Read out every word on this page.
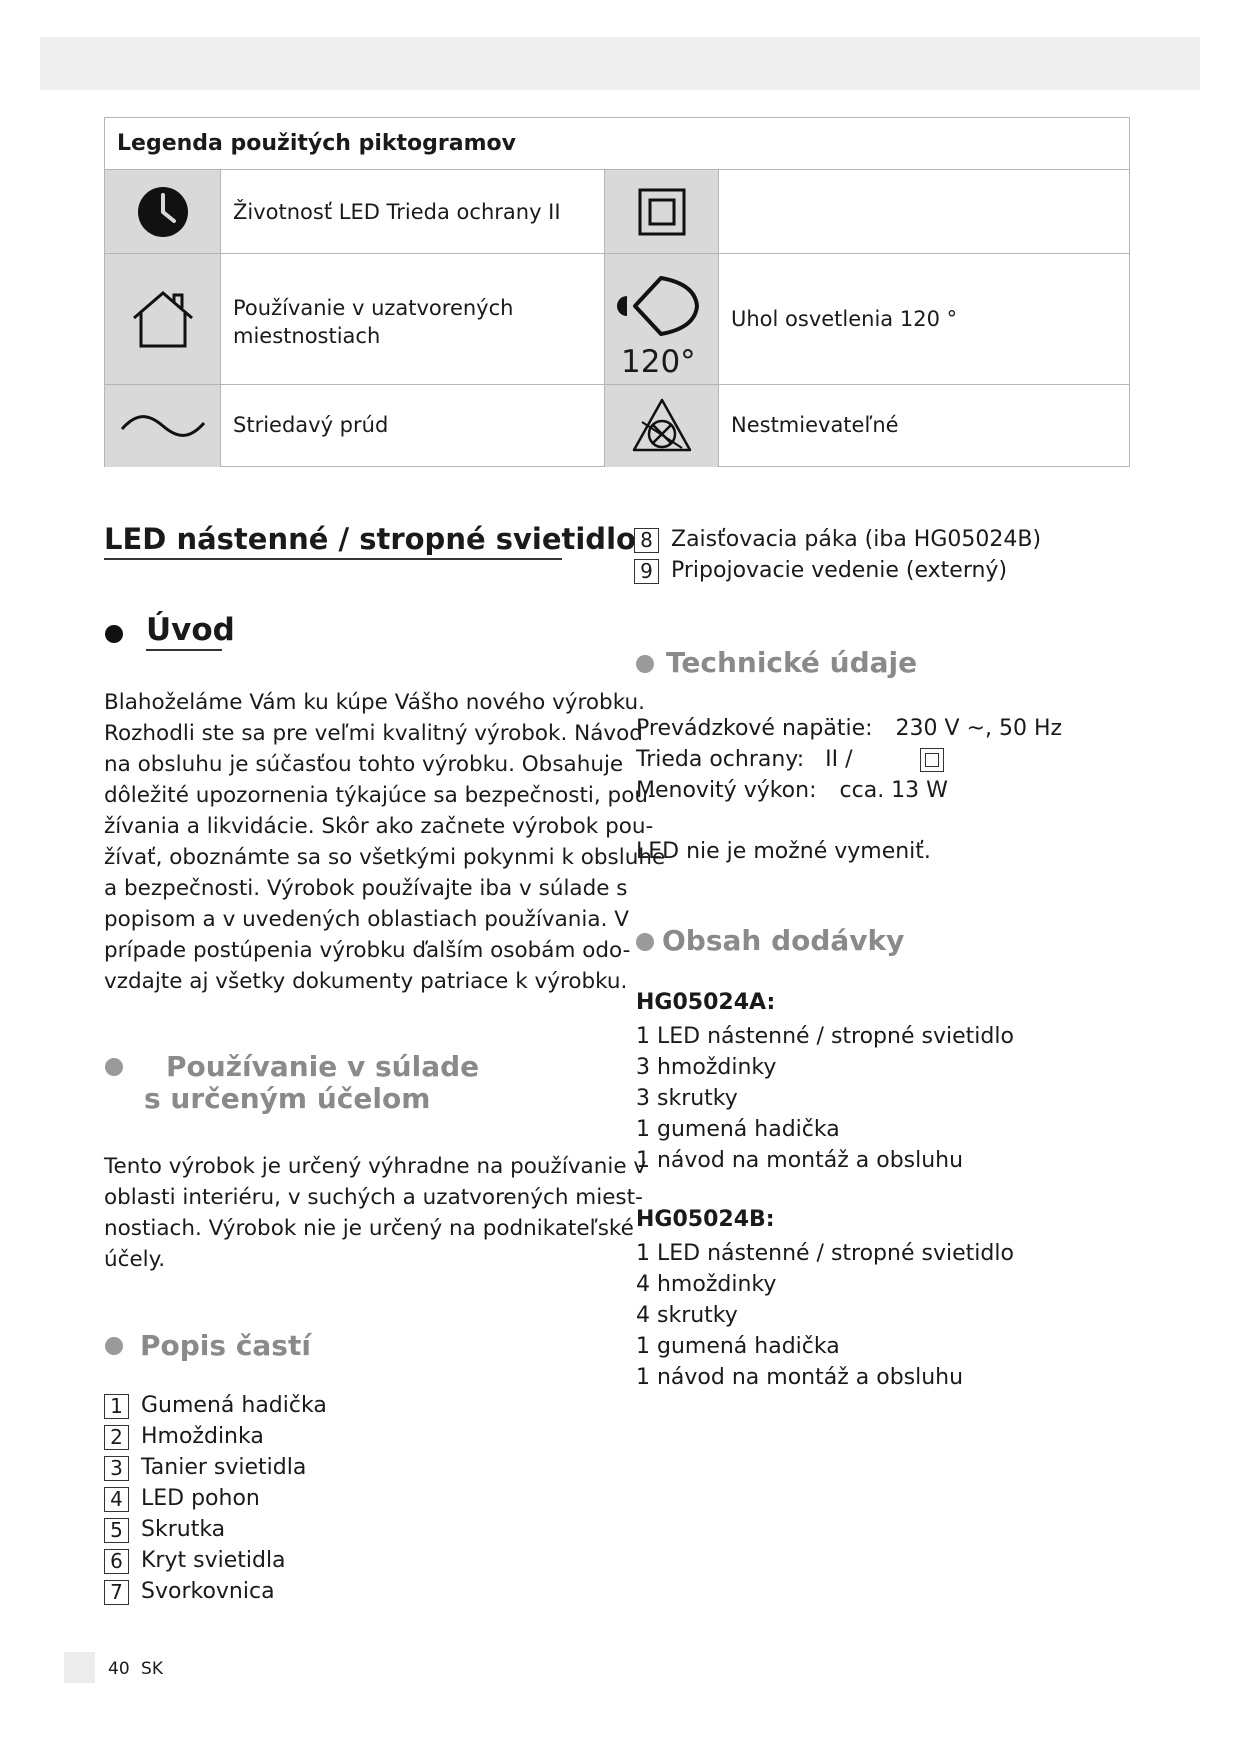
Legenda použitých piktogramov
Životnosť LED Trieda ochrany II
Používanie v uzatvorených miestnostiach
120°
Uhol osvetlenia 120 °
Striedavý prúd	Nestmievateľné
LED nástenné / stropné svietidlo
Úvod
Blahoželáme Vám ku kúpe Vášho nového výrobku.
Rozhodli ste sa pre veľmi kvalitný výrobok. Návod
na obsluhu je súčasťou tohto výrobku. Obsahuje
dôležité upozornenia týkajúce sa bezpečnosti, pou-
žívania a likvidácie. Skôr ako začnete výrobok pou-
žívať, oboznámte sa so všetkými pokynmi k obsluhe
a bezpečnosti. Výrobok používajte iba v súlade s
popisom a v uvedených oblastiach používania. V
prípade postúpenia výrobku ďalším osobám odo-
vzdajte aj všetky dokumenty patriace k výrobku.
Používanie v súlade
s určeným účelom
Tento výrobok je určený výhradne na používanie v
oblasti interiéru, v suchých a uzatvorených miest-
nostiach. Výrobok nie je určený na podnikateľské
účely.
Popis častí
1 Gumená hadička
2 Hmoždinka
3 Tanier svietidla
4 LED pohon
5 Skrutka
6 Kryt svietidla
7 Svorkovnica
8 Zaisťovacia páka (iba HG05024B)
9 Pripojovacie vedenie (externý)
Technické údaje
Prevádzkové napätie: 230 V ~, 50 Hz
Trieda ochrany: II /
Menovitý výkon: cca. 13 W
LED nie je možné vymeniť.
Obsah dodávky
HG05024A:
1 LED nástenné / stropné svietidlo
3 hmoždinky
3 skrutky
1 gumená hadička
1 návod na montáž a obsluhu
HG05024B:
1 LED nástenné / stropné svietidlo
4 hmoždinky
4 skrutky
1 gumená hadička
1 návod na montáž a obsluhu
40 SK
